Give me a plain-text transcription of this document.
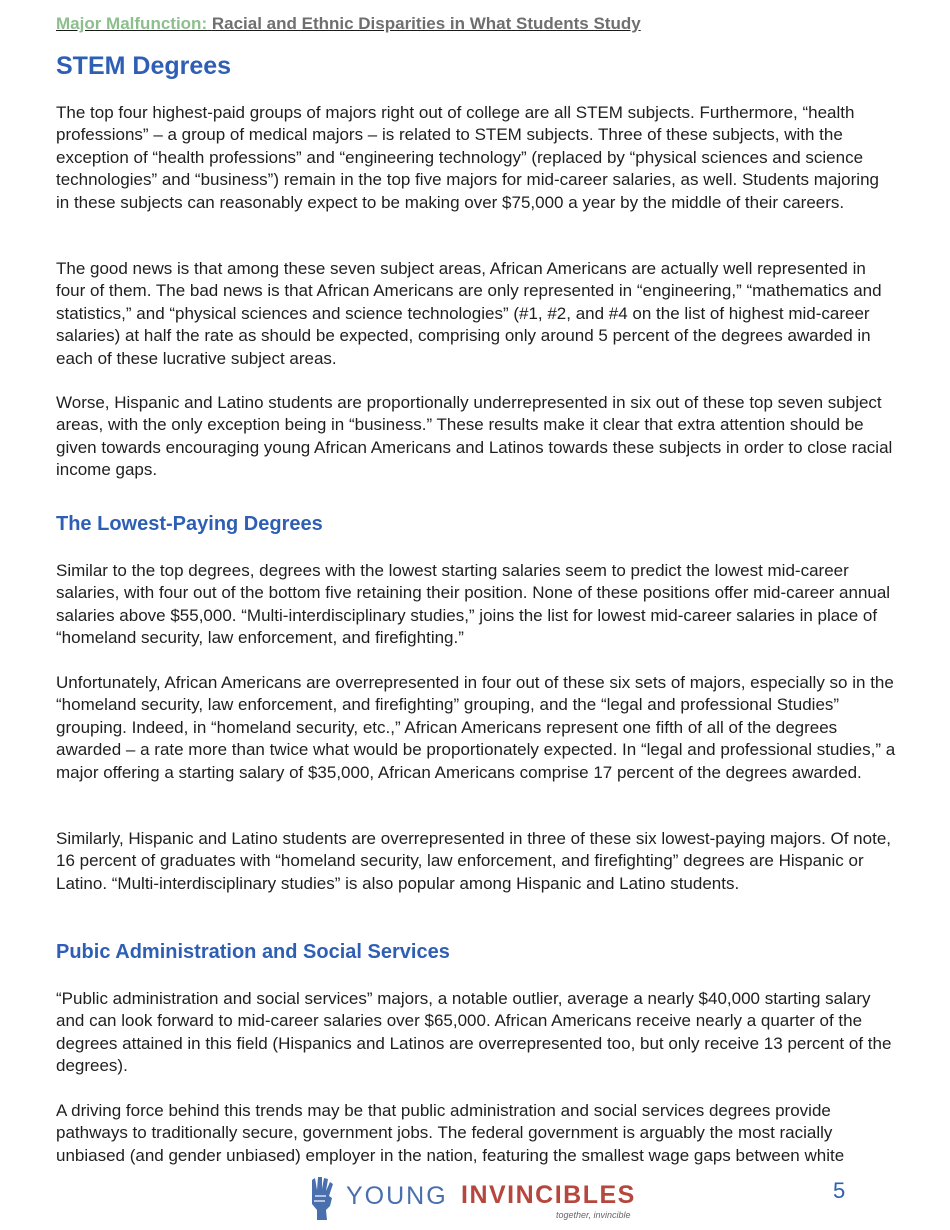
Major Malfunction: Racial and Ethnic Disparities in What Students Study
STEM Degrees

The top four highest-paid groups of majors right out of college are all STEM subjects. Furthermore, “health professions” – a group of medical majors – is related to STEM subjects. Three of these subjects, with the exception of “health professions” and “engineering technology” (replaced by “physical sciences and science technologies” and “business”) remain in the top five majors for mid-career salaries, as well. Students majoring in these subjects can reasonably expect to be making over $75,000 a year by the middle of their careers.

The good news is that among these seven subject areas, African Americans are actually well represented in four of them. The bad news is that African Americans are only represented in “engineering,” “mathematics and statistics,” and “physical sciences and science technologies” (#1, #2, and #4 on the list of highest mid-career salaries) at half the rate as should be expected, comprising only around 5 percent of the degrees awarded in each of these lucrative subject areas.

Worse, Hispanic and Latino students are proportionally underrepresented in six out of these top seven subject areas, with the only exception being in “business.” These results make it clear that extra attention should be given towards encouraging young African Americans and Latinos towards these subjects in order to close racial income gaps.

The Lowest-Paying Degrees

Similar to the top degrees, degrees with the lowest starting salaries seem to predict the lowest mid-career salaries, with four out of the bottom five retaining their position. None of these positions offer mid-career annual salaries above $55,000. “Multi-interdisciplinary studies,” joins the list for lowest mid-career salaries in place of “homeland security, law enforcement, and firefighting.”

Unfortunately, African Americans are overrepresented in four out of these six sets of majors, especially so in the “homeland security, law enforcement, and firefighting” grouping, and the “legal and professional Studies” grouping. Indeed, in “homeland security, etc.,” African Americans represent one fifth of all of the degrees awarded – a rate more than twice what would be proportionately expected. In “legal and professional studies,” a major offering a starting salary of $35,000, African Americans comprise 17 percent of the degrees awarded.

Similarly, Hispanic and Latino students are overrepresented in three of these six lowest-paying majors. Of note, 16 percent of graduates with “homeland security, law enforcement, and firefighting” degrees are Hispanic or Latino. “Multi-interdisciplinary studies” is also popular among Hispanic and Latino students.

Pubic Administration and Social Services

“Public administration and social services” majors, a notable outlier, average a nearly $40,000 starting salary and can look forward to mid-career salaries over $65,000. African Americans receive nearly a quarter of the degrees attained in this field (Hispanics and Latinos are overrepresented too, but only receive 13 percent of the degrees).

A driving force behind this trends may be that public administration and social services degrees provide pathways to traditionally secure, government jobs. The federal government is arguably the most racially unbiased (and gender unbiased) employer in the nation, featuring the smallest wage gaps between white

YOUNG INVINCIBLES
together, invincible
5
